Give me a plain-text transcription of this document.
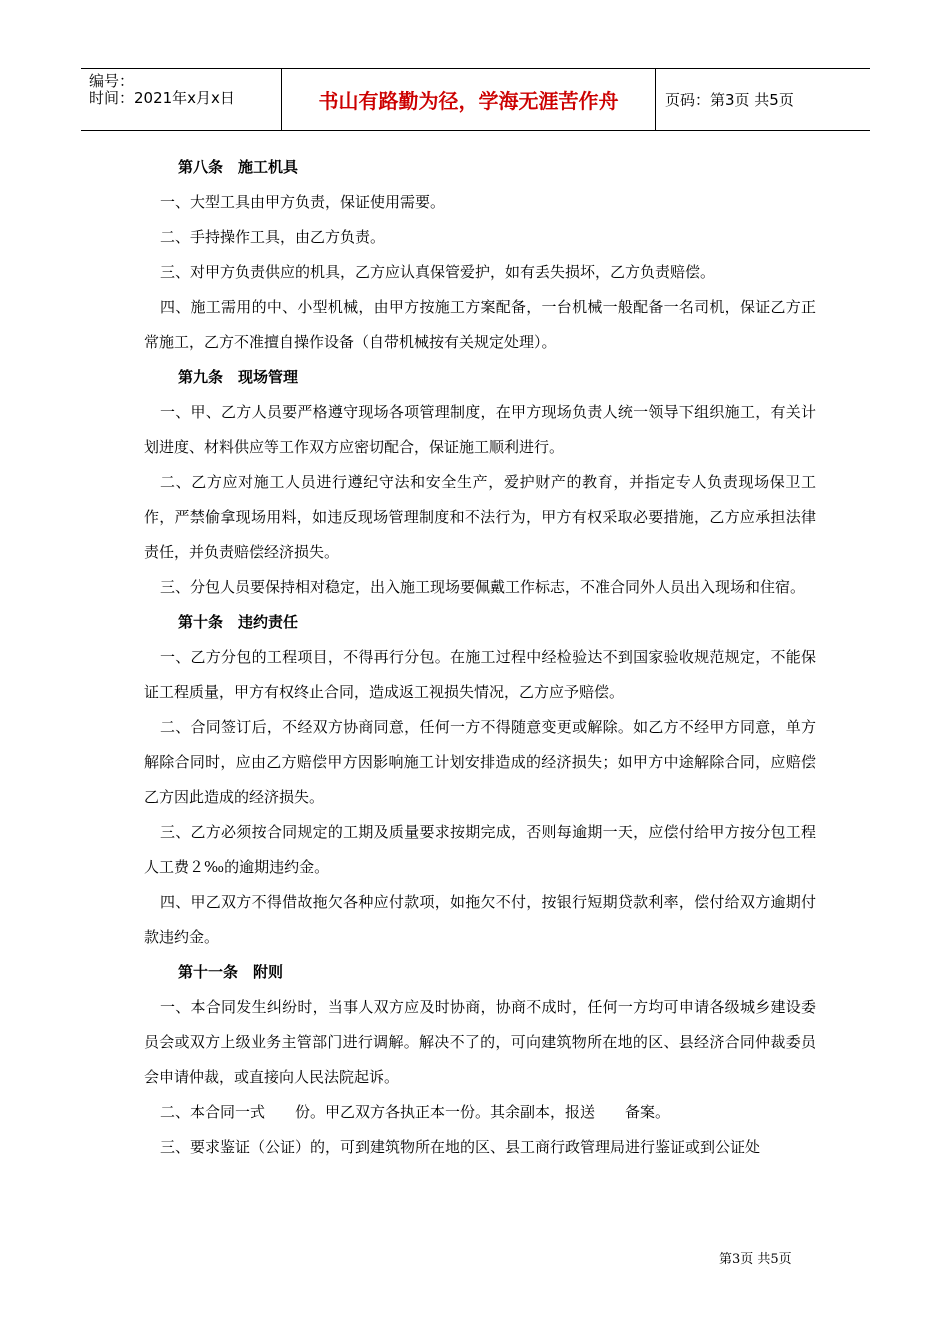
编号：
时间：2021年x月x日	书山有路勤为径，学海无涯苦作舟	页码：第3页 共5页
第八条　施工机具
一、大型工具由甲方负责，保证使用需要。
二、手持操作工具，由乙方负责。
三、对甲方负责供应的机具，乙方应认真保管爱护，如有丢失损坏，乙方负责赔偿。
四、施工需用的中、小型机械，由甲方按施工方案配备，一台机械一般配备一名司机，保证乙方正常施工，乙方不准擅自操作设备（自带机械按有关规定处理）。
第九条　现场管理
一、甲、乙方人员要严格遵守现场各项管理制度，在甲方现场负责人统一领导下组织施工，有关计划进度、材料供应等工作双方应密切配合，保证施工顺利进行。
二、乙方应对施工人员进行遵纪守法和安全生产，爱护财产的教育，并指定专人负责现场保卫工作，严禁偷拿现场用料，如违反现场管理制度和不法行为，甲方有权采取必要措施，乙方应承担法律责任，并负责赔偿经济损失。
三、分包人员要保持相对稳定，出入施工现场要佩戴工作标志，不准合同外人员出入现场和住宿。
第十条　违约责任
一、乙方分包的工程项目，不得再行分包。在施工过程中经检验达不到国家验收规范规定，不能保证工程质量，甲方有权终止合同，造成返工视损失情况，乙方应予赔偿。
二、合同签订后，不经双方协商同意，任何一方不得随意变更或解除。如乙方不经甲方同意，单方解除合同时，应由乙方赔偿甲方因影响施工计划安排造成的经济损失；如甲方中途解除合同，应赔偿乙方因此造成的经济损失。
三、乙方必须按合同规定的工期及质量要求按期完成，否则每逾期一天，应偿付给甲方按分包工程人工费２‰的逾期违约金。
四、甲乙双方不得借故拖欠各种应付款项，如拖欠不付，按银行短期贷款利率，偿付给双方逾期付款违约金。
第十一条　附则
一、本合同发生纠纷时，当事人双方应及时协商，协商不成时，任何一方均可申请各级城乡建设委员会或双方上级业务主管部门进行调解。解决不了的，可向建筑物所在地的区、县经济合同仲裁委员会申请仲裁，或直接向人民法院起诉。
二、本合同一式　　份。甲乙双方各执正本一份。其余副本，报送　　备案。
三、要求鉴证（公证）的，可到建筑物所在地的区、县工商行政管理局进行鉴证或到公证处
第3页 共5页
